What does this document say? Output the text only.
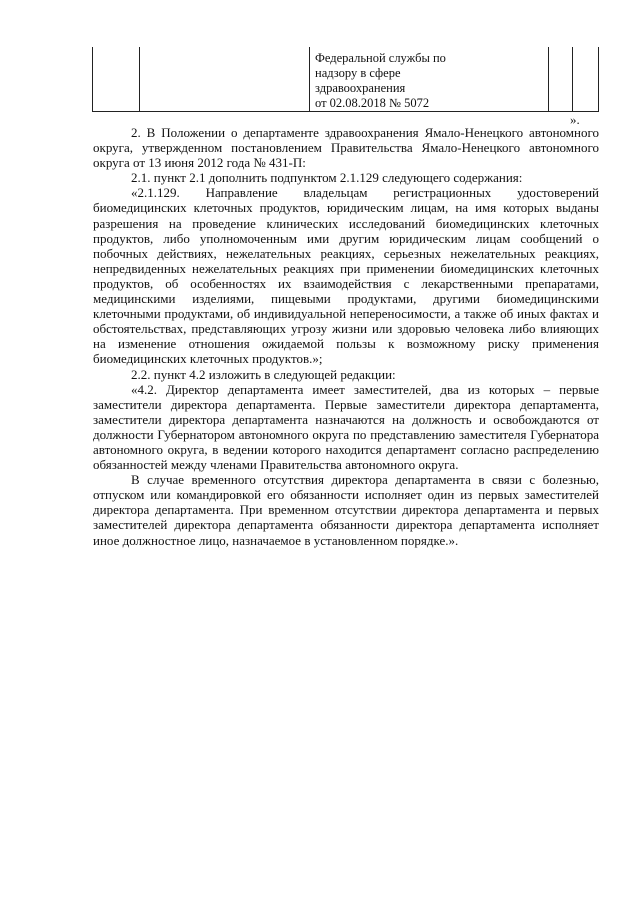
Федеральной службы по
надзору в сфере
здравоохранения
от 02.08.2018 № 5072
».

2. В Положении о департаменте здравоохранения Ямало-Ненецкого автономного округа, утвержденном постановлением Правительства Ямало-Ненецкого автономного округа от 13 июня 2012 года № 431-П:

2.1. пункт 2.1 дополнить подпунктом 2.1.129 следующего содержания:

«2.1.129. Направление владельцам регистрационных удостоверений биомедицинских клеточных продуктов, юридическим лицам, на имя которых выданы разрешения на проведение клинических исследований биомедицинских клеточных продуктов, либо уполномоченным ими другим юридическим лицам сообщений о побочных действиях, нежелательных реакциях, серьезных нежелательных реакциях, непредвиденных нежелательных реакциях при применении биомедицинских клеточных продуктов, об особенностях их взаимодействия с лекарственными препаратами, медицинскими изделиями, пищевыми продуктами, другими биомедицинскими клеточными продуктами, об индивидуальной непереносимости, а также об иных фактах и обстоятельствах, представляющих угрозу жизни или здоровью человека либо влияющих на изменение отношения ожидаемой пользы к возможному риску применения биомедицинских клеточных продуктов.»;

2.2. пункт 4.2 изложить в следующей редакции:

«4.2. Директор департамента имеет заместителей, два из которых – первые заместители директора департамента. Первые заместители директора департамента, заместители директора департамента назначаются на должность и освобождаются от должности Губернатором автономного округа по представлению заместителя Губернатора автономного округа, в ведении которого находится департамент согласно распределению обязанностей между членами Правительства автономного округа.

В случае временного отсутствия директора департамента в связи с болезнью, отпуском или командировкой его обязанности исполняет один из первых заместителей директора департамента. При временном отсутствии директора департамента и первых заместителей директора департамента обязанности директора департамента исполняет иное должностное лицо, назначаемое в установленном порядке.».
